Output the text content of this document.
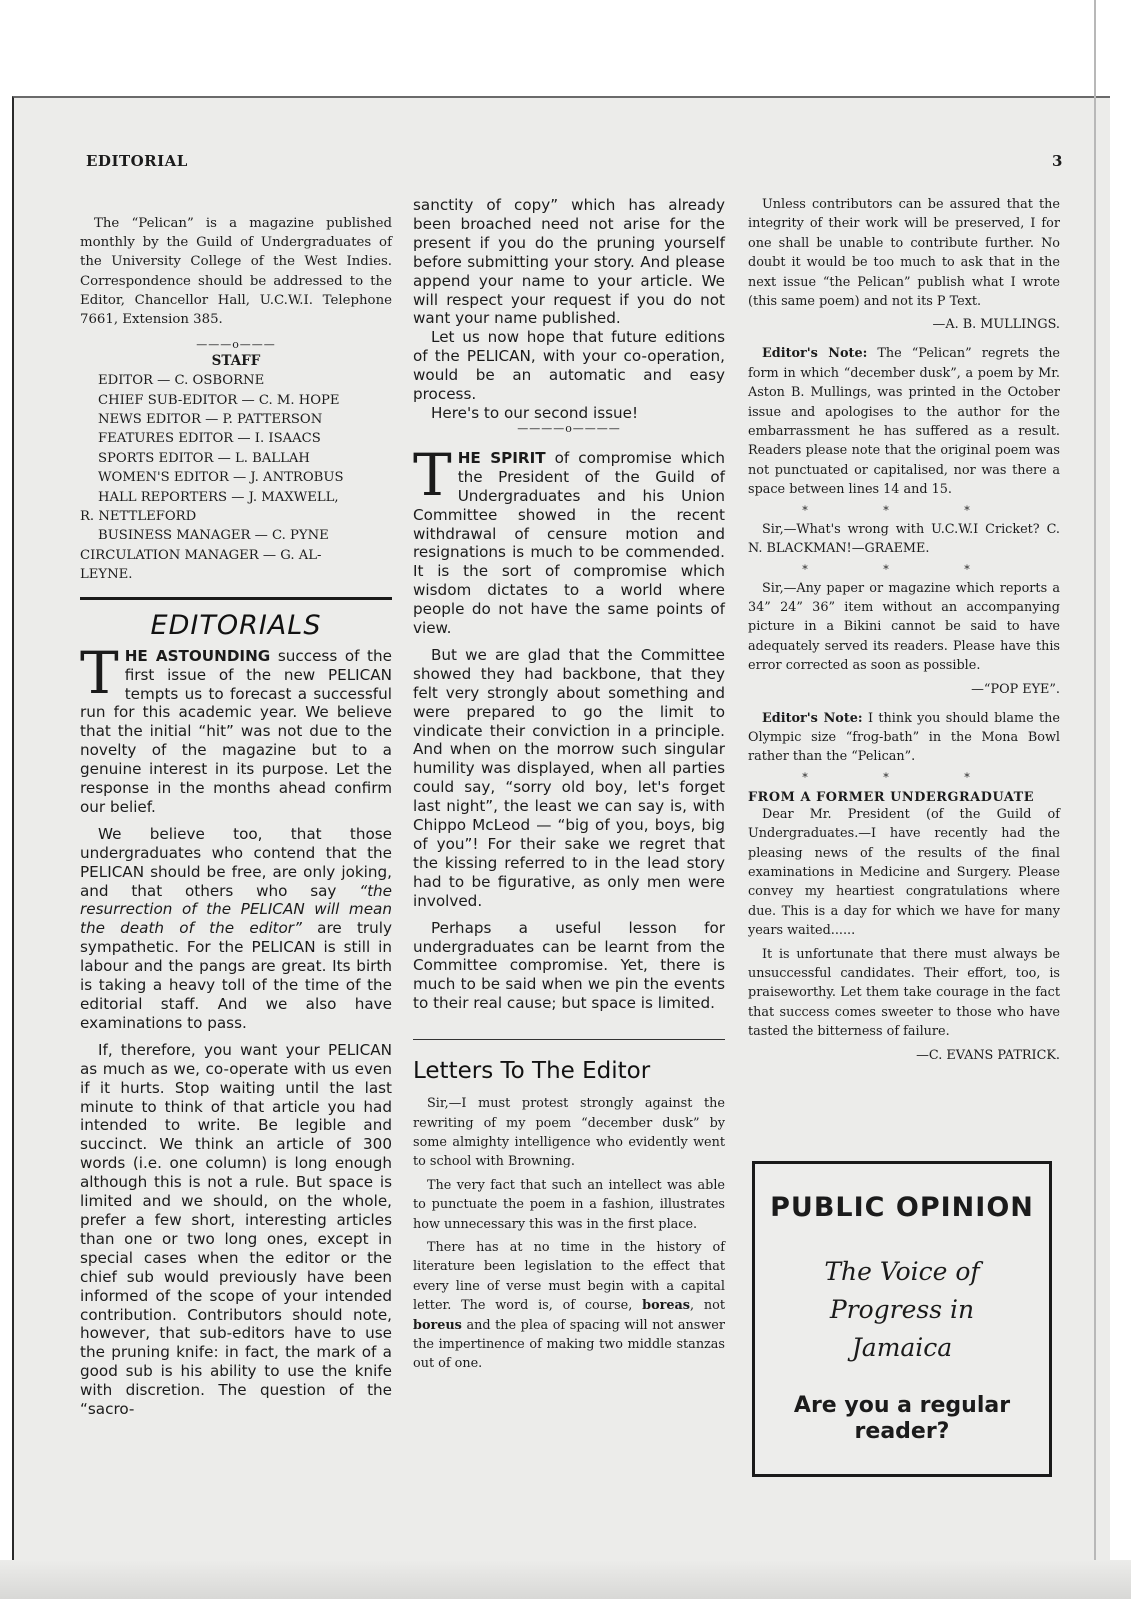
EDITORIAL	3

The “Pelican” is a magazine published monthly by the Guild of Undergraduates of the University College of the West Indies. Correspondence should be addressed to the Editor, Chancellor Hall, U.C.W.I. Telephone 7661, Extension 385.

———o———
STAFF
EDITOR — C. OSBORNE
CHIEF SUB-EDITOR — C. M. HOPE
NEWS EDITOR — P. PATTERSON
FEATURES EDITOR — I. ISAACS
SPORTS EDITOR — L. BALLAH
WOMEN'S EDITOR — J. ANTROBUS
HALL REPORTERS — J. MAXWELL,
R. NETTLEFORD
BUSINESS MANAGER — C. PYNE
CIRCULATION MANAGER — G. AL-
LEYNE.
EDITORIALS

THE ASTOUNDING success of the first issue of the new PELICAN tempts us to forecast a successful run for this academic year. We believe that the initial “hit” was not due to the novelty of the magazine but to a genuine interest in its purpose. Let the response in the months ahead confirm our belief.

We believe too, that those undergraduates who contend that the PELICAN should be free, are only joking, and that others who say “the resurrection of the PELICAN will mean the death of the editor” are truly sympathetic. For the PELICAN is still in labour and the pangs are great. Its birth is taking a heavy toll of the time of the editorial staff. And we also have examinations to pass.

If, therefore, you want your PELICAN as much as we, co-operate with us even if it hurts. Stop waiting until the last minute to think of that article you had intended to write. Be legible and succinct. We think an article of 300 words (i.e. one column) is long enough although this is not a rule. But space is limited and we should, on the whole, prefer a few short, interesting articles than one or two long ones, except in special cases when the editor or the chief sub would previously have been informed of the scope of your intended contribution. Contributors should note, however, that sub-editors have to use the pruning knife: in fact, the mark of a good sub is his ability to use the knife with discretion. The question of the “sacro-

sanctity of copy” which has already been broached need not arise for the present if you do the pruning yourself before submitting your story. And please append your name to your article. We will respect your request if you do not want your name published.

Let us now hope that future editions of the PELICAN, with your co-operation, would be an automatic and easy process.

Here's to our second issue!

————o————

THE SPIRIT of compromise which the President of the Guild of Undergraduates and his Union Committee showed in the recent withdrawal of censure motion and resignations is much to be commended. It is the sort of compromise which wisdom dictates to a world where people do not have the same points of view.

But we are glad that the Committee showed they had backbone, that they felt very strongly about something and were prepared to go the limit to vindicate their conviction in a principle. And when on the morrow such singular humility was displayed, when all parties could say, “sorry old boy, let's forget last night”, the least we can say is, with Chippo McLeod — “big of you, boys, big of you”! For their sake we regret that the kissing referred to in the lead story had to be figurative, as only men were involved.

Perhaps a useful lesson for undergraduates can be learnt from the Committee compromise. Yet, there is much to be said when we pin the events to their real cause; but space is limited.

Letters To The Editor

Sir,—I must protest strongly against the rewriting of my poem “december dusk” by some almighty intelligence who evidently went to school with Browning.

The very fact that such an intellect was able to punctuate the poem in a fashion, illustrates how unnecessary this was in the first place.

There has at no time in the history of literature been legislation to the effect that every line of verse must begin with a capital letter. The word is, of course, boreas, not boreus and the plea of spacing will not answer the impertinence of making two middle stanzas out of one.

Unless contributors can be assured that the integrity of their work will be preserved, I for one shall be unable to contribute further. No doubt it would be too much to ask that in the next issue “the Pelican” publish what I wrote (this same poem) and not its P Text.

—A. B. MULLINGS.

Editor's Note: The “Pelican” regrets the form in which “december dusk”, a poem by Mr. Aston B. Mullings, was printed in the October issue and apologises to the author for the embarrassment he has suffered as a result. Readers please note that the original poem was not punctuated or capitalised, nor was there a space between lines 14 and 15.

* * *

Sir,—What's wrong with U.C.W.I Cricket? C. N. BLACKMAN!—GRAEME.

* * *

Sir,—Any paper or magazine which reports a 34” 24” 36” item without an accompanying picture in a Bikini cannot be said to have adequately served its readers. Please have this error corrected as soon as possible.

—“POP EYE”.

Editor's Note: I think you should blame the Olympic size “frog-bath” in the Mona Bowl rather than the “Pelican”.

* * *
FROM A FORMER UNDERGRADUATE

Dear Mr. President (of the Guild of Undergraduates.—I have recently had the pleasing news of the results of the final examinations in Medicine and Surgery. Please convey my heartiest congratulations where due. This is a day for which we have for many years waited......

It is unfortunate that there must always be unsuccessful candidates. Their effort, too, is praiseworthy. Let them take courage in the fact that success comes sweeter to those who have tasted the bitterness of failure.

—C. EVANS PATRICK.
PUBLIC OPINION
The Voice of
Progress in
Jamaica
Are you a regular
reader?
